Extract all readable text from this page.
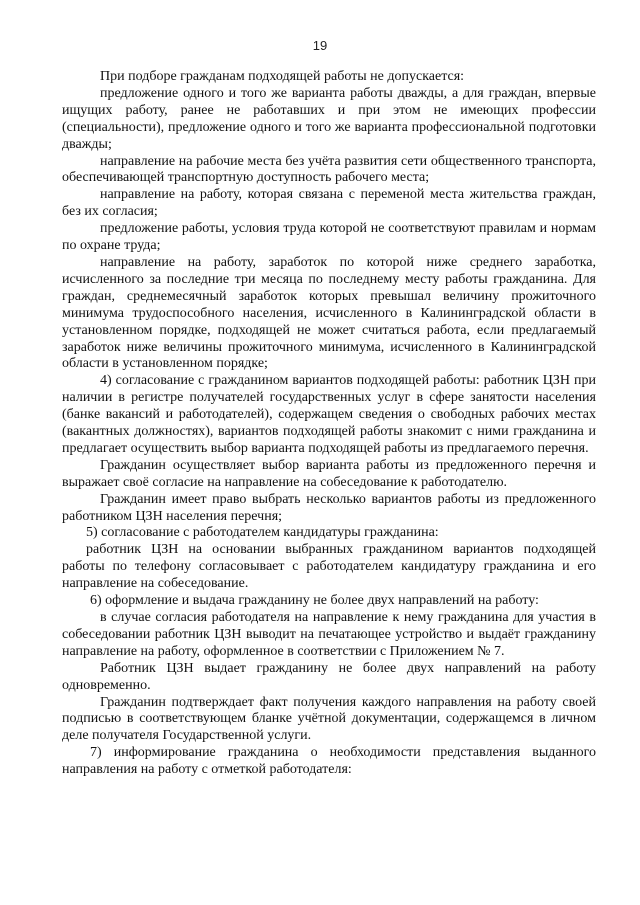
19

При подборе гражданам подходящей работы не допускается:

предложение одного и того же варианта работы дважды, а для граждан, впервые ищущих работу, ранее не работавших и при этом не имеющих профессии (специальности), предложение одного и того же варианта профессиональной подготовки дважды;

направление на рабочие места без учёта развития сети общественного транспорта, обеспечивающей транспортную доступность рабочего места;

направление на работу, которая связана с переменой места жительства граждан, без их согласия;

предложение работы, условия труда которой не соответствуют правилам и нормам по охране труда;

направление на работу, заработок по которой ниже среднего заработка, исчисленного за последние три месяца по последнему месту работы гражданина. Для граждан, среднемесячный заработок которых превышал величину прожиточного минимума трудоспособного населения, исчисленного в Калининградской области в установленном порядке, подходящей не может считаться работа, если предлагаемый заработок ниже величины прожиточного минимума, исчисленного в Калининградской области в установленном порядке;

4) согласование с гражданином вариантов подходящей работы: работник ЦЗН при наличии в регистре получателей государственных услуг в сфере занятости населения (банке вакансий и работодателей), содержащем сведения о свободных рабочих местах (вакантных должностях), вариантов подходящей работы знакомит с ними гражданина и предлагает осуществить выбор варианта подходящей работы из предлагаемого перечня.

Гражданин осуществляет выбор варианта работы из предложенного перечня и выражает своё согласие на направление на собеседование к работодателю.

Гражданин имеет право выбрать несколько вариантов работы из предложенного работником ЦЗН населения перечня;

5) согласование с работодателем кандидатуры гражданина:

работник ЦЗН на основании выбранных гражданином вариантов подходящей работы по телефону согласовывает с работодателем кандидатуру гражданина и его направление на собеседование.

6) оформление и выдача гражданину не более двух направлений на работу:

в случае согласия работодателя на направление к нему гражданина для участия в собеседовании работник ЦЗН выводит на печатающее устройство и выдаёт гражданину направление на работу, оформленное в соответствии с Приложением № 7.

Работник ЦЗН выдает гражданину не более двух направлений на работу одновременно.

Гражданин подтверждает факт получения каждого направления на работу своей подписью в соответствующем бланке учётной документации, содержащемся в личном деле получателя Государственной услуги.

7) информирование гражданина о необходимости представления выданного направления на работу с отметкой работодателя:
